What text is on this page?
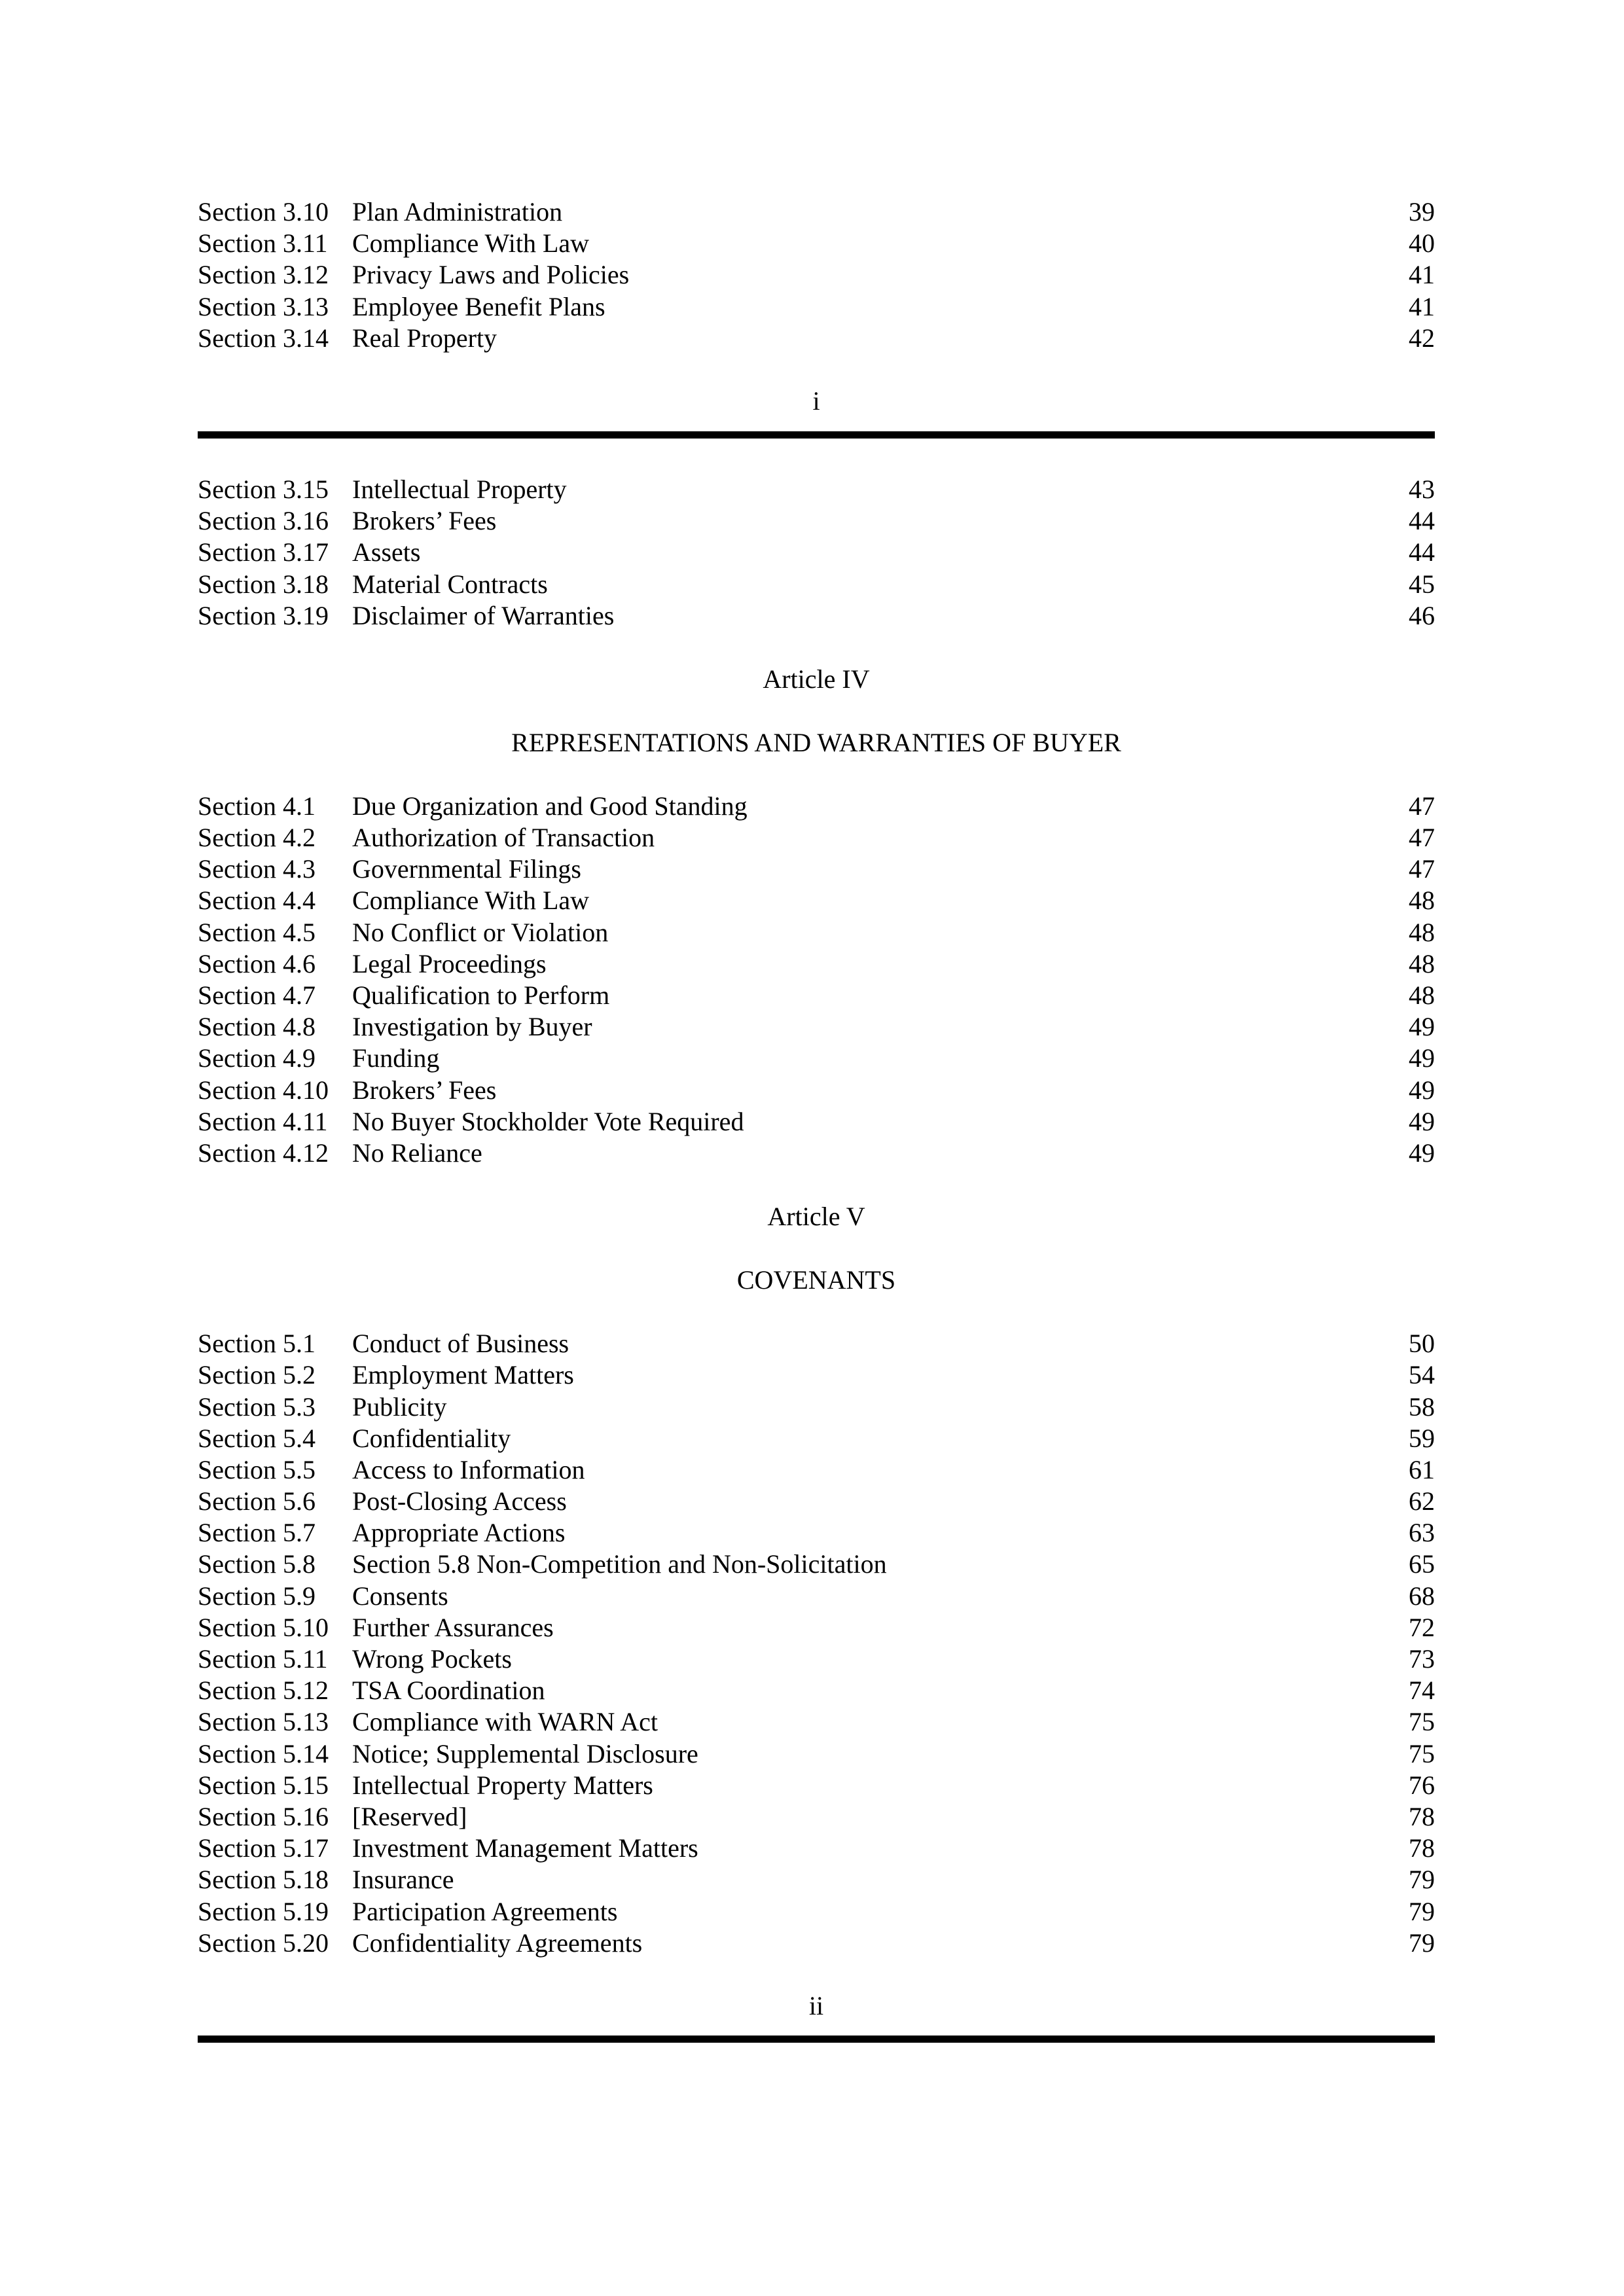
Section 3.10 Plan Administration	39
Section 3.11 Compliance With Law	40
Section 3.12 Privacy Laws and Policies	41
Section 3.13 Employee Benefit Plans	41
Section 3.14 Real Property	42
i
Section 3.15 Intellectual Property	43
Section 3.16 Brokers’ Fees	44
Section 3.17 Assets	44
Section 3.18 Material Contracts	45
Section 3.19 Disclaimer of Warranties	46
Article IV
REPRESENTATIONS AND WARRANTIES OF BUYER
Section 4.1 Due Organization and Good Standing	47
Section 4.2 Authorization of Transaction	47
Section 4.3 Governmental Filings	47
Section 4.4 Compliance With Law	48
Section 4.5 No Conflict or Violation	48
Section 4.6 Legal Proceedings	48
Section 4.7 Qualification to Perform	48
Section 4.8 Investigation by Buyer	49
Section 4.9 Funding	49
Section 4.10 Brokers’ Fees	49
Section 4.11 No Buyer Stockholder Vote Required	49
Section 4.12 No Reliance	49
Article V
COVENANTS
Section 5.1 Conduct of Business	50
Section 5.2 Employment Matters	54
Section 5.3 Publicity	58
Section 5.4 Confidentiality	59
Section 5.5 Access to Information	61
Section 5.6 Post-Closing Access	62
Section 5.7 Appropriate Actions	63
Section 5.8 Section 5.8 Non-Competition and Non-Solicitation	65
Section 5.9 Consents	68
Section 5.10 Further Assurances	72
Section 5.11 Wrong Pockets	73
Section 5.12 TSA Coordination	74
Section 5.13 Compliance with WARN Act	75
Section 5.14 Notice; Supplemental Disclosure	75
Section 5.15 Intellectual Property Matters	76
Section 5.16 [Reserved]	78
Section 5.17 Investment Management Matters	78
Section 5.18 Insurance	79
Section 5.19 Participation Agreements	79
Section 5.20 Confidentiality Agreements	79
ii
